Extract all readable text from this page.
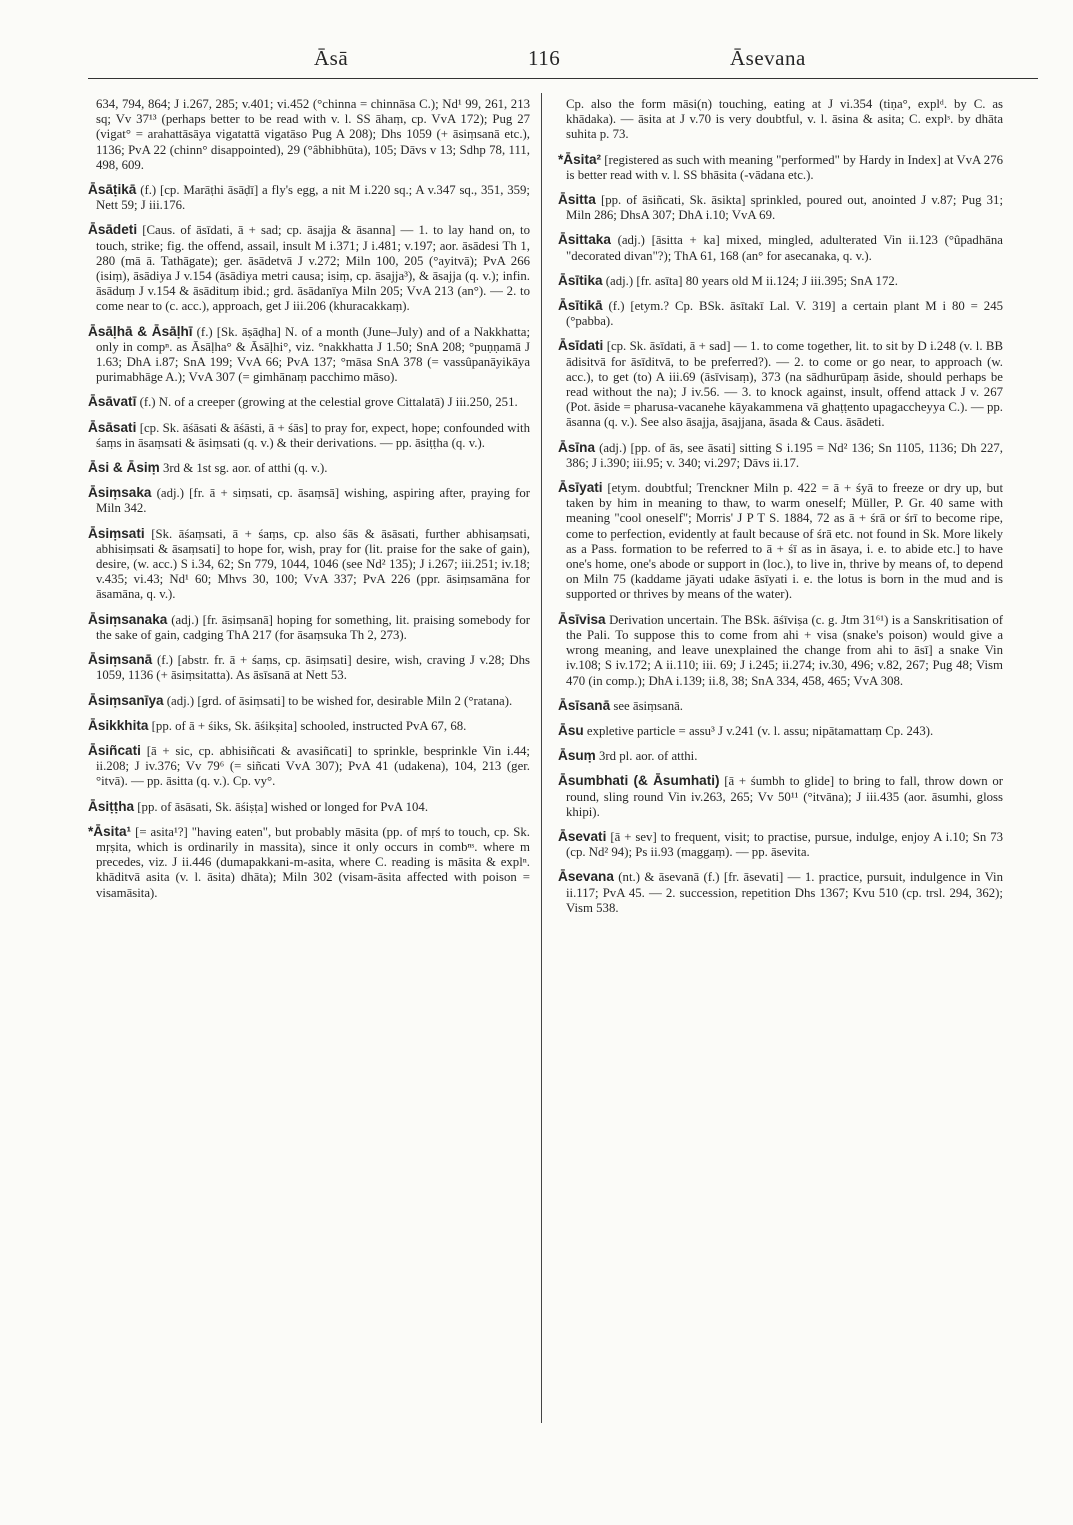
Āsā	116	Āsevana

634, 794, 864; J i.267, 285; v.401; vi.452 (°chinna = chinnāsa C.); Nd¹ 99, 261, 213 sq; Vv 37¹³ (perhaps better to be read with v. l. SS āhaṃ, cp. VvA 172); Pug 27 (vigat° = arahattāsāya vigatattā vigatāso Pug A 208); Dhs 1059 (+ āsiṃsanā etc.), 1136; PvA 22 (chinn° disappointed), 29 (°âbhibhūta), 105; Dāvs v 13; Sdhp 78, 111, 498, 609.

Āsāṭikā (f.) [cp. Marāṭhi āsāḍī] a fly's egg, a nit M i.220 sq.; A v.347 sq., 351, 359; Nett 59; J iii.176.

Āsādeti [Caus. of āsīdati, ā + sad; cp. āsajja & āsanna] — 1. to lay hand on, to touch, strike; fig. the offend, assail, insult M i.371; J i.481; v.197; aor. āsādesi Th 1, 280 (mā ā. Tathāgate); ger. āsādetvā J v.272; Miln 100, 205 (°ayitvā); PvA 266 (isiṃ), āsādiya J v.154 (āsādiya metri causa; isiṃ, cp. āsajja³), & āsajja (q. v.); infin. āsāduṃ J v.154 & āsādituṃ ibid.; grd. āsādanīya Miln 205; VvA 213 (an°). — 2. to come near to (c. acc.), approach, get J iii.206 (khuracakkaṃ).

Āsāḷhā & Āsāḷhī (f.) [Sk. āṣāḍha] N. of a month (June–July) and of a Nakkhatta; only in compⁿ. as Āsāḷha° & Āsāḷhi°, viz. °nakkhatta J 1.50; SnA 208; °puṇṇamā J 1.63; DhA i.87; SnA 199; VvA 66; PvA 137; °māsa SnA 378 (= vassûpanāyikāya purimabhāge A.); VvA 307 (= gimhānaṃ pacchimo māso).

Āsāvatī (f.) N. of a creeper (growing at the celestial grove Cittalatā) J iii.250, 251.

Āsāsati [cp. Sk. āśāsati & āśāsti, ā + śās] to pray for, expect, hope; confounded with śaṃs in āsaṃsati & āsiṃsati (q. v.) & their derivations. — pp. āsiṭṭha (q. v.).

Āsi & Āsiṃ 3rd & 1st sg. aor. of atthi (q. v.).

Āsiṃsaka (adj.) [fr. ā + siṃsati, cp. āsaṃsā] wishing, aspiring after, praying for Miln 342.

Āsiṃsati [Sk. āśaṃsati, ā + śaṃs, cp. also śās & āsāsati, further abhisaṃsati, abhisiṃsati & āsaṃsati] to hope for, wish, pray for (lit. praise for the sake of gain), desire, (w. acc.) S i.34, 62; Sn 779, 1044, 1046 (see Nd² 135); J i.267; iii.251; iv.18; v.435; vi.43; Nd¹ 60; Mhvs 30, 100; VvA 337; PvA 226 (ppr. āsiṃsamāna for āsamāna, q. v.).

Āsiṃsanaka (adj.) [fr. āsiṃsanā] hoping for something, lit. praising somebody for the sake of gain, cadging ThA 217 (for āsaṃsuka Th 2, 273).

Āsiṃsanā (f.) [abstr. fr. ā + śaṃs, cp. āsiṃsati] desire, wish, craving J v.28; Dhs 1059, 1136 (+ āsiṃsitatta). As āsīsanā at Nett 53.

Āsiṃsanīya (adj.) [grd. of āsiṃsati] to be wished for, desirable Miln 2 (°ratana).

Āsikkhita [pp. of ā + śiks, Sk. āśikṣita] schooled, instructed PvA 67, 68.

Āsiñcati [ā + sic, cp. abhisiñcati & avasiñcati] to sprinkle, besprinkle Vin i.44; ii.208; J iv.376; Vv 79⁶ (= siñcati VvA 307); PvA 41 (udakena), 104, 213 (ger. °itvā). — pp. āsitta (q. v.). Cp. vy°.

Āsiṭṭha [pp. of āsāsati, Sk. āśiṣṭa] wished or longed for PvA 104.

*Āsita¹ [= asita¹?] "having eaten", but probably māsita (pp. of mṛś to touch, cp. Sk. mṛṣita, which is ordinarily in massita), since it only occurs in combⁿˢ. where m precedes, viz. J ii.446 (dumapakkani-m-asita, where C. reading is māsita & explⁿ. khāditvā asita (v. l. āsita) dhāta); Miln 302 (visam-āsita affected with poison = visamāsita).

Cp. also the form māsi(n) touching, eating at J vi.354 (tiṇa°, explᵈ. by C. as khādaka). — āsita at J v.70 is very doubtful, v. l. āsina & asita; C. explˢ. by dhāta suhita p. 73.

*Āsita² [registered as such with meaning "performed" by Hardy in Index] at VvA 276 is better read with v. l. SS bhāsita (-vādana etc.).

Āsitta [pp. of āsiñcati, Sk. āsikta] sprinkled, poured out, anointed J v.87; Pug 31; Miln 286; DhsA 307; DhA i.10; VvA 69.

Āsittaka (adj.) [āsitta + ka] mixed, mingled, adulterated Vin ii.123 (°ûpadhāna "decorated divan"?); ThA 61, 168 (an° for asecanaka, q. v.).

Āsītika (adj.) [fr. asīta] 80 years old M ii.124; J iii.395; SnA 172.

Āsītikā (f.) [etym.? Cp. BSk. āsītakī Lal. V. 319] a certain plant M i 80 = 245 (°pabba).

Āsīdati [cp. Sk. āsīdati, ā + sad] — 1. to come together, lit. to sit by D i.248 (v. l. BB ādisitvā for āsīditvā, to be preferred?). — 2. to come or go near, to approach (w. acc.), to get (to) A iii.69 (āsīvisaṃ), 373 (na sādhurūpaṃ āside, should perhaps be read without the na); J iv.56. — 3. to knock against, insult, offend attack J v. 267 (Pot. āside = pharusa-vacanehe kāyakammena vā ghaṭṭento upagaccheyya C.). — pp. āsanna (q. v.). See also āsajja, āsajjana, āsada & Caus. āsādeti.

Āsīna (adj.) [pp. of ās, see āsati] sitting S i.195 = Nd² 136; Sn 1105, 1136; Dh 227, 386; J i.390; iii.95; v. 340; vi.297; Dāvs ii.17.

Āsīyati [etym. doubtful; Trenckner Miln p. 422 = ā + śyā to freeze or dry up, but taken by him in meaning to thaw, to warm oneself; Müller, P. Gr. 40 same with meaning "cool oneself"; Morris' J P T S. 1884, 72 as ā + śrā or śrī to become ripe, come to perfection, evidently at fault because of śrā etc. not found in Sk. More likely as a Pass. formation to be referred to ā + śī as in āsaya, i. e. to abide etc.] to have one's home, one's abode or support in (loc.), to live in, thrive by means of, to depend on Miln 75 (kaddame jāyati udake āsīyati i. e. the lotus is born in the mud and is supported or thrives by means of the water).

Āsīvisa Derivation uncertain. The BSk. āśīviṣa (c. g. Jtm 31⁶¹) is a Sanskritisation of the Pali. To suppose this to come from ahi + visa (snake's poison) would give a wrong meaning, and leave unexplained the change from ahi to āsī] a snake Vin iv.108; S iv.172; A ii.110; iii. 69; J i.245; ii.274; iv.30, 496; v.82, 267; Pug 48; Vism 470 (in comp.); DhA i.139; ii.8, 38; SnA 334, 458, 465; VvA 308.

Āsīsanā see āsiṃsanā.

Āsu expletive particle = assu³ J v.241 (v. l. assu; nipātamattaṃ Cp. 243).

Āsuṃ 3rd pl. aor. of atthi.

Āsumbhati (& Āsumhati) [ā + śumbh to glide] to bring to fall, throw down or round, sling round Vin iv.263, 265; Vv 50¹¹ (°itvāna); J iii.435 (aor. āsumhi, gloss khipi).

Āsevati [ā + sev] to frequent, visit; to practise, pursue, indulge, enjoy A i.10; Sn 73 (cp. Nd² 94); Ps ii.93 (maggaṃ). — pp. āsevita.

Āsevana (nt.) & āsevanā (f.) [fr. āsevati] — 1. practice, pursuit, indulgence in Vin ii.117; PvA 45. — 2. succession, repetition Dhs 1367; Kvu 510 (cp. trsl. 294, 362); Vism 538.
